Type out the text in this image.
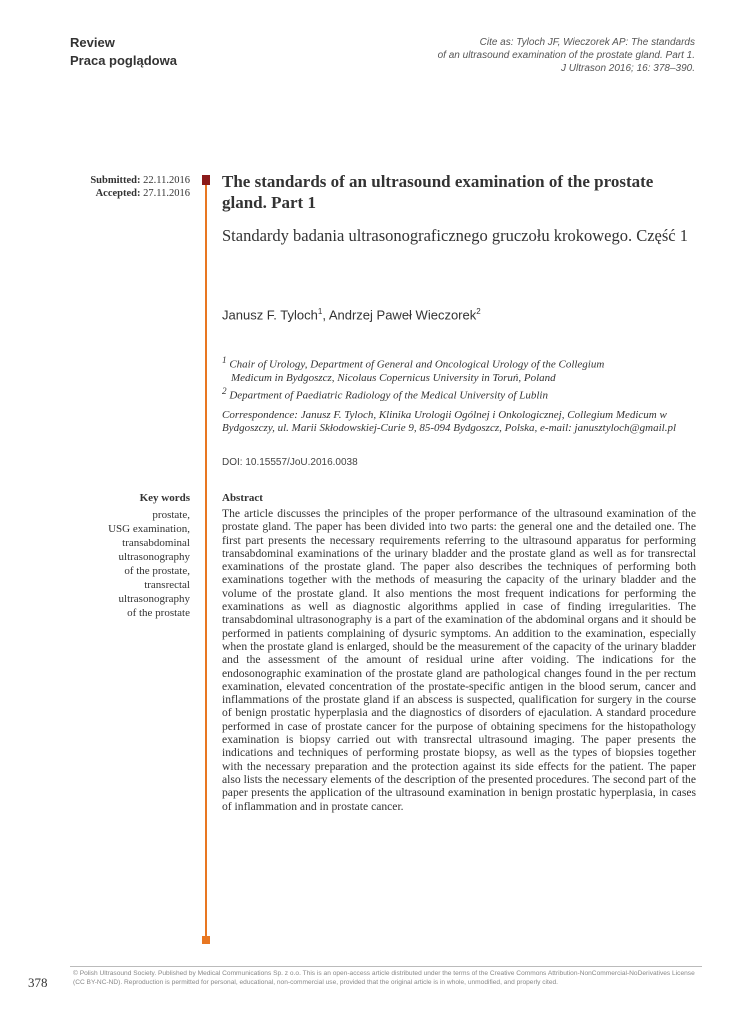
Review
Praca poglądowa
Cite as: Tyloch JF, Wieczorek AP: The standards
of an ultrasound examination of the prostate gland. Part 1.
J Ultrason 2016; 16: 378–390.
Submitted: 22.11.2016
Accepted: 27.11.2016
The standards of an ultrasound examination of the prostate gland. Part 1
Standardy badania ultrasonograficznego gruczołu krokowego. Część 1
Janusz F. Tyloch$^1$, Andrzej Paweł Wieczorek$^2$

$^1$ Chair of Urology, Department of General and Oncological Urology of the Collegium

Medicum in Bydgoszcz, Nicolaus Copernicus University in Toruń, Poland

$^2$ Department of Paediatric Radiology of the Medical University of Lublin

Correspondence: Janusz F. Tyloch, Klinika Urologii Ogólnej i Onkologicznej, Collegium Medicum w Bydgoszczy, ul. Marii Skłodowskiej-Curie 9, 85-094 Bydgoszcz, Polska, e-mail: janusztyloch@gmail.pl

DOI: 10.15557/JoU.2016.0038
Key words
prostate,
USG examination,
transabdominal
ultrasonography
of the prostate,
transrectal
ultrasonography
of the prostate
Abstract

The article discusses the principles of the proper performance of the ultrasound examination of the prostate gland. The paper has been divided into two parts: the general one and the detailed one. The first part presents the necessary requirements referring to the ultrasound apparatus for performing transabdominal examinations of the urinary bladder and the prostate gland as well as for transrectal examinations of the prostate gland. The paper also describes the techniques of performing both examinations together with the methods of measuring the capacity of the urinary bladder and the volume of the prostate gland. It also mentions the most frequent indications for performing the examinations as well as diagnostic algorithms applied in case of finding irregularities. The transabdominal ultrasonography is a part of the examination of the abdominal organs and it should be performed in patients complaining of dysuric symptoms. An addition to the examination, especially when the prostate gland is enlarged, should be the measurement of the capacity of the urinary bladder and the assessment of the amount of residual urine after voiding. The indications for the endosonographic examination of the prostate gland are pathological changes found in the per rectum examination, elevated concentration of the prostate-specific antigen in the blood serum, cancer and inflammations of the prostate gland if an abscess is suspected, qualification for surgery in the course of benign prostatic hyperplasia and the diagnostics of disorders of ejaculation. A standard procedure performed in case of prostate cancer for the purpose of obtaining specimens for the histopathology examination is biopsy carried out with transrectal ultrasound imaging. The paper presents the indications and techniques of performing prostate biopsy, as well as the types of biopsies together with the necessary preparation and the protection against its side effects for the patient. The paper also lists the necessary elements of the description of the presented procedures. The second part of the paper presents the application of the ultrasound examination in benign prostatic hyperplasia, in cases of inflammation and in prostate cancer.

378
© Polish Ultrasound Society. Published by Medical Communications Sp. z o.o. This is an open-access article distributed under the terms of the Creative Commons Attribution-NonCommercial-NoDerivatives License (CC BY-NC-ND). Reproduction is permitted for personal, educational, non-commercial use, provided that the original article is in whole, unmodified, and properly cited.
